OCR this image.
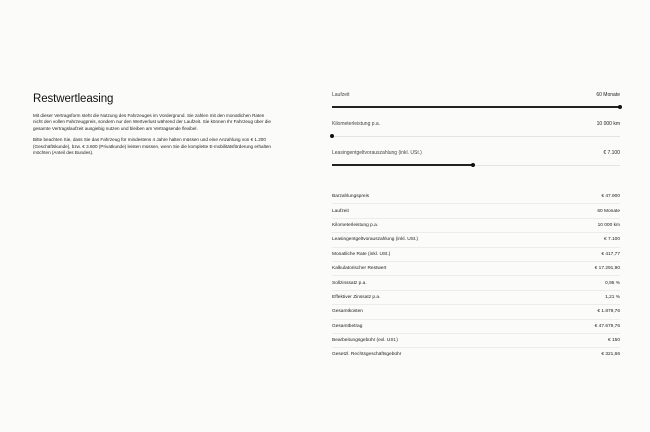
Restwertleasing

Mit dieser Vertragsform steht die Nutzung des Fahrzeuges im Vordergrund. Sie zahlen mit den monatlichen Raten nicht den vollen Fahrzeugpreis, sondern nur den Wertverlust während der Laufzeit. Sie können Ihr Fahrzeug über die gesamte Vertragslaufzeit ausgiebig nutzen und bleiben am Vertragsende flexibel.

Bitte beachten Sie, dass Sie das Fahrzeug für mindestens 4 Jahre halten müssen und eine Anzahlung von € 1.200 (Geschäftskunde), bzw. € 3.600 (Privatkunde) leisten müssen, wenn Sie die komplette E-mobilitätsförderung erhalten möchten (Anteil des Bundes).

Laufzeit	60 Monate
Kilometerleistung p.a.	10 000 km
Leasingentgeltvorauszahlung (inkl. USt.)	€ 7.100
Barzahlungspreis	€ 47.900
Laufzeit	60 Monate
Kilometerleistung p.a.	10 000 km
Leasingentgeltvorauszahlung (inkl. USt.)	€ 7.100
Monatliche Rate (inkl. USt.)	€ 417,77
Kalkulatorischer Restwert	€ 17.291,90
Sollzinssatz p.a.	0,95 %
Effektiver Zinssatz p.a.	1,21 %
Gesamtkosten	€ 1.879,76
Gesamtbetrag	€ 47.679,76
Bearbeitungsgebühr (exl. USt.)	€ 150
Gesetzl. Rechtsgeschäftsgebühr	€ 321,66
